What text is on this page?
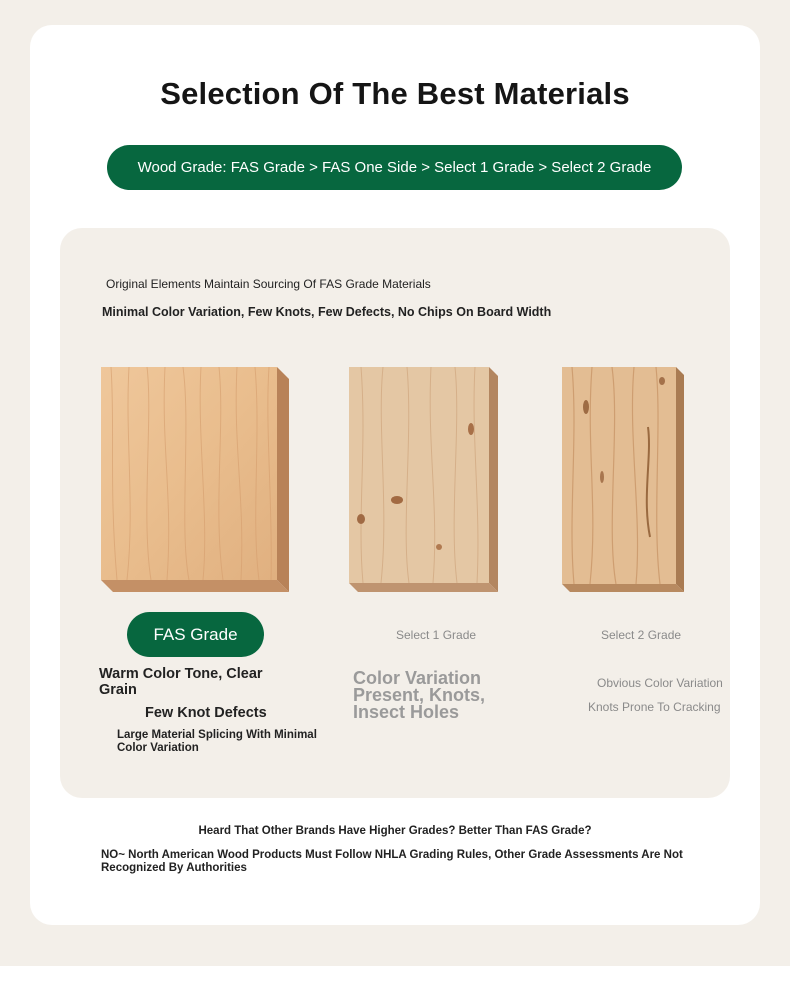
Selection Of The Best Materials
Wood Grade: FAS Grade > FAS One Side > Select 1 Grade > Select 2 Grade
Original Elements Maintain Sourcing Of FAS Grade Materials
Minimal Color Variation, Few Knots, Few Defects, No Chips On Board Width
FAS Grade
Warm Color Tone, Clear Grain
Few Knot Defects
Large Material Splicing With Minimal Color Variation
Select 1 Grade
Color Variation Present, Knots, Insect Holes
Select 2 Grade
Obvious Color Variation
Knots Prone To Cracking
Heard That Other Brands Have Higher Grades? Better Than FAS Grade?
NO~ North American Wood Products Must Follow NHLA Grading Rules, Other Grade Assessments Are Not Recognized By Authorities
